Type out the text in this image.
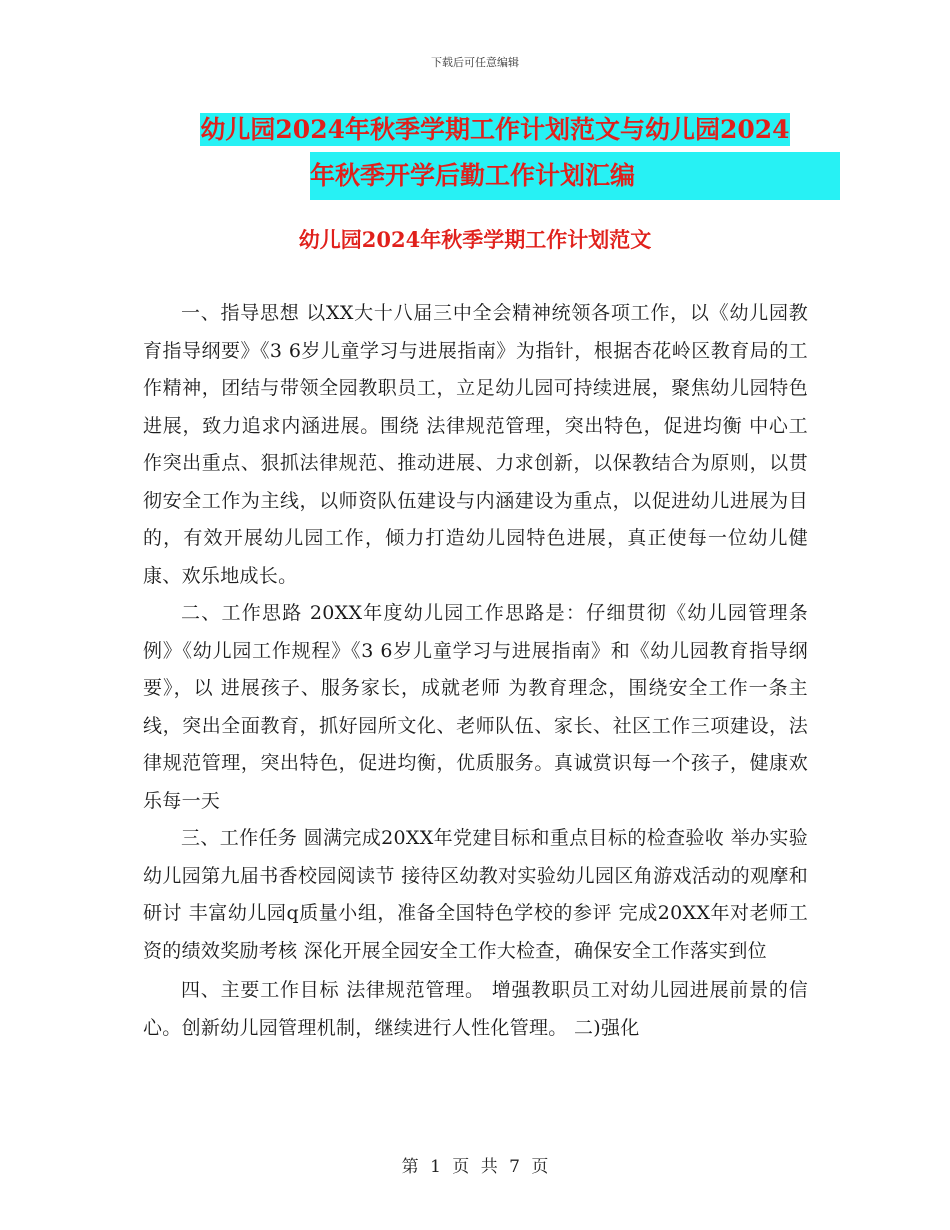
下载后可任意编辑
幼儿园2024年秋季学期工作计划范文与幼儿园2024
年秋季开学后勤工作计划汇编
幼儿园2024年秋季学期工作计划范文

一、指导思想 以XX大十八届三中全会精神统领各项工作，以《幼儿园教育指导纲要》《3 6岁儿童学习与进展指南》为指针，根据杏花岭区教育局的工作精神，团结与带领全园教职员工，立足幼儿园可持续进展，聚焦幼儿园特色进展，致力追求内涵进展。围绕 法律规范管理，突出特色，促进均衡 中心工作突出重点、狠抓法律规范、推动进展、力求创新，以保教结合为原则，以贯彻安全工作为主线，以师资队伍建设与内涵建设为重点，以促进幼儿进展为目的，有效开展幼儿园工作，倾力打造幼儿园特色进展，真正使每一位幼儿健康、欢乐地成长。

二、工作思路 20XX年度幼儿园工作思路是：仔细贯彻《幼儿园管理条例》《幼儿园工作规程》《3 6岁儿童学习与进展指南》和《幼儿园教育指导纲要》，以 进展孩子、服务家长，成就老师 为教育理念，围绕安全工作一条主线，突出全面教育，抓好园所文化、老师队伍、家长、社区工作三项建设，法律规范管理，突出特色，促进均衡，优质服务。真诚赏识每一个孩子，健康欢乐每一天

三、工作任务 圆满完成20XX年党建目标和重点目标的检查验收 举办实验幼儿园第九届书香校园阅读节 接待区幼教对实验幼儿园区角游戏活动的观摩和研讨 丰富幼儿园q质量小组，准备全国特色学校的参评 完成20XX年对老师工资的绩效奖励考核 深化开展全园安全工作大检查，确保安全工作落实到位

四、主要工作目标 法律规范管理。 增强教职员工对幼儿园进展前景的信心。创新幼儿园管理机制，继续进行人性化管理。 二)强化

第 1 页 共 7 页
